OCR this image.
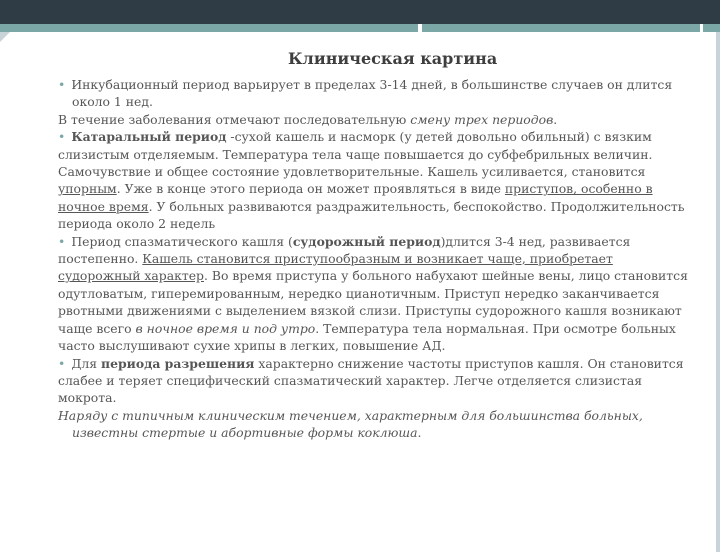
Клиническая картина

• Инкубационный период варьирует в пределах 3-14 дней, в большинстве случаев он длится около 1 нед.

В течение заболевания отмечают последовательную смену трех периодов.

• Катаральный период -сухой кашель и насморк (у детей довольно обильный) с вязким слизистым отделяемым. Температура тела чаще повышается до субфебрильных величин. Самочувствие и общее состояние удовлетворительные. Кашель усиливается, становится упорным. Уже в конце этого периода он может проявляться в виде приступов, особенно в ночное время. У больных развиваются раздражительность, беспокойство. Продолжительность периода около 2 недель

• Период спазматического кашля (судорожный период)длится 3-4 нед, развивается постепенно. Кашель становится приступообразным и возникает чаще, приобретает судорожный характер. Во время приступа у больного набухают шейные вены, лицо становится одутловатым, гиперемированным, нередко цианотичным. Приступ нередко заканчивается рвотными движениями с выделением вязкой слизи. Приступы судорожного кашля возникают чаще всего в ночное время и под утро. Температура тела нормальная. При осмотре больных часто выслушивают сухие хрипы в легких, повышение АД.

• Для периода разрешения характерно снижение частоты приступов кашля. Он становится слабее и теряет специфический спазматический характер. Легче отделяется слизистая мокрота.

Наряду с типичным клиническим течением, характерным для большинства больных, известны стертые и абортивные формы коклюша.
